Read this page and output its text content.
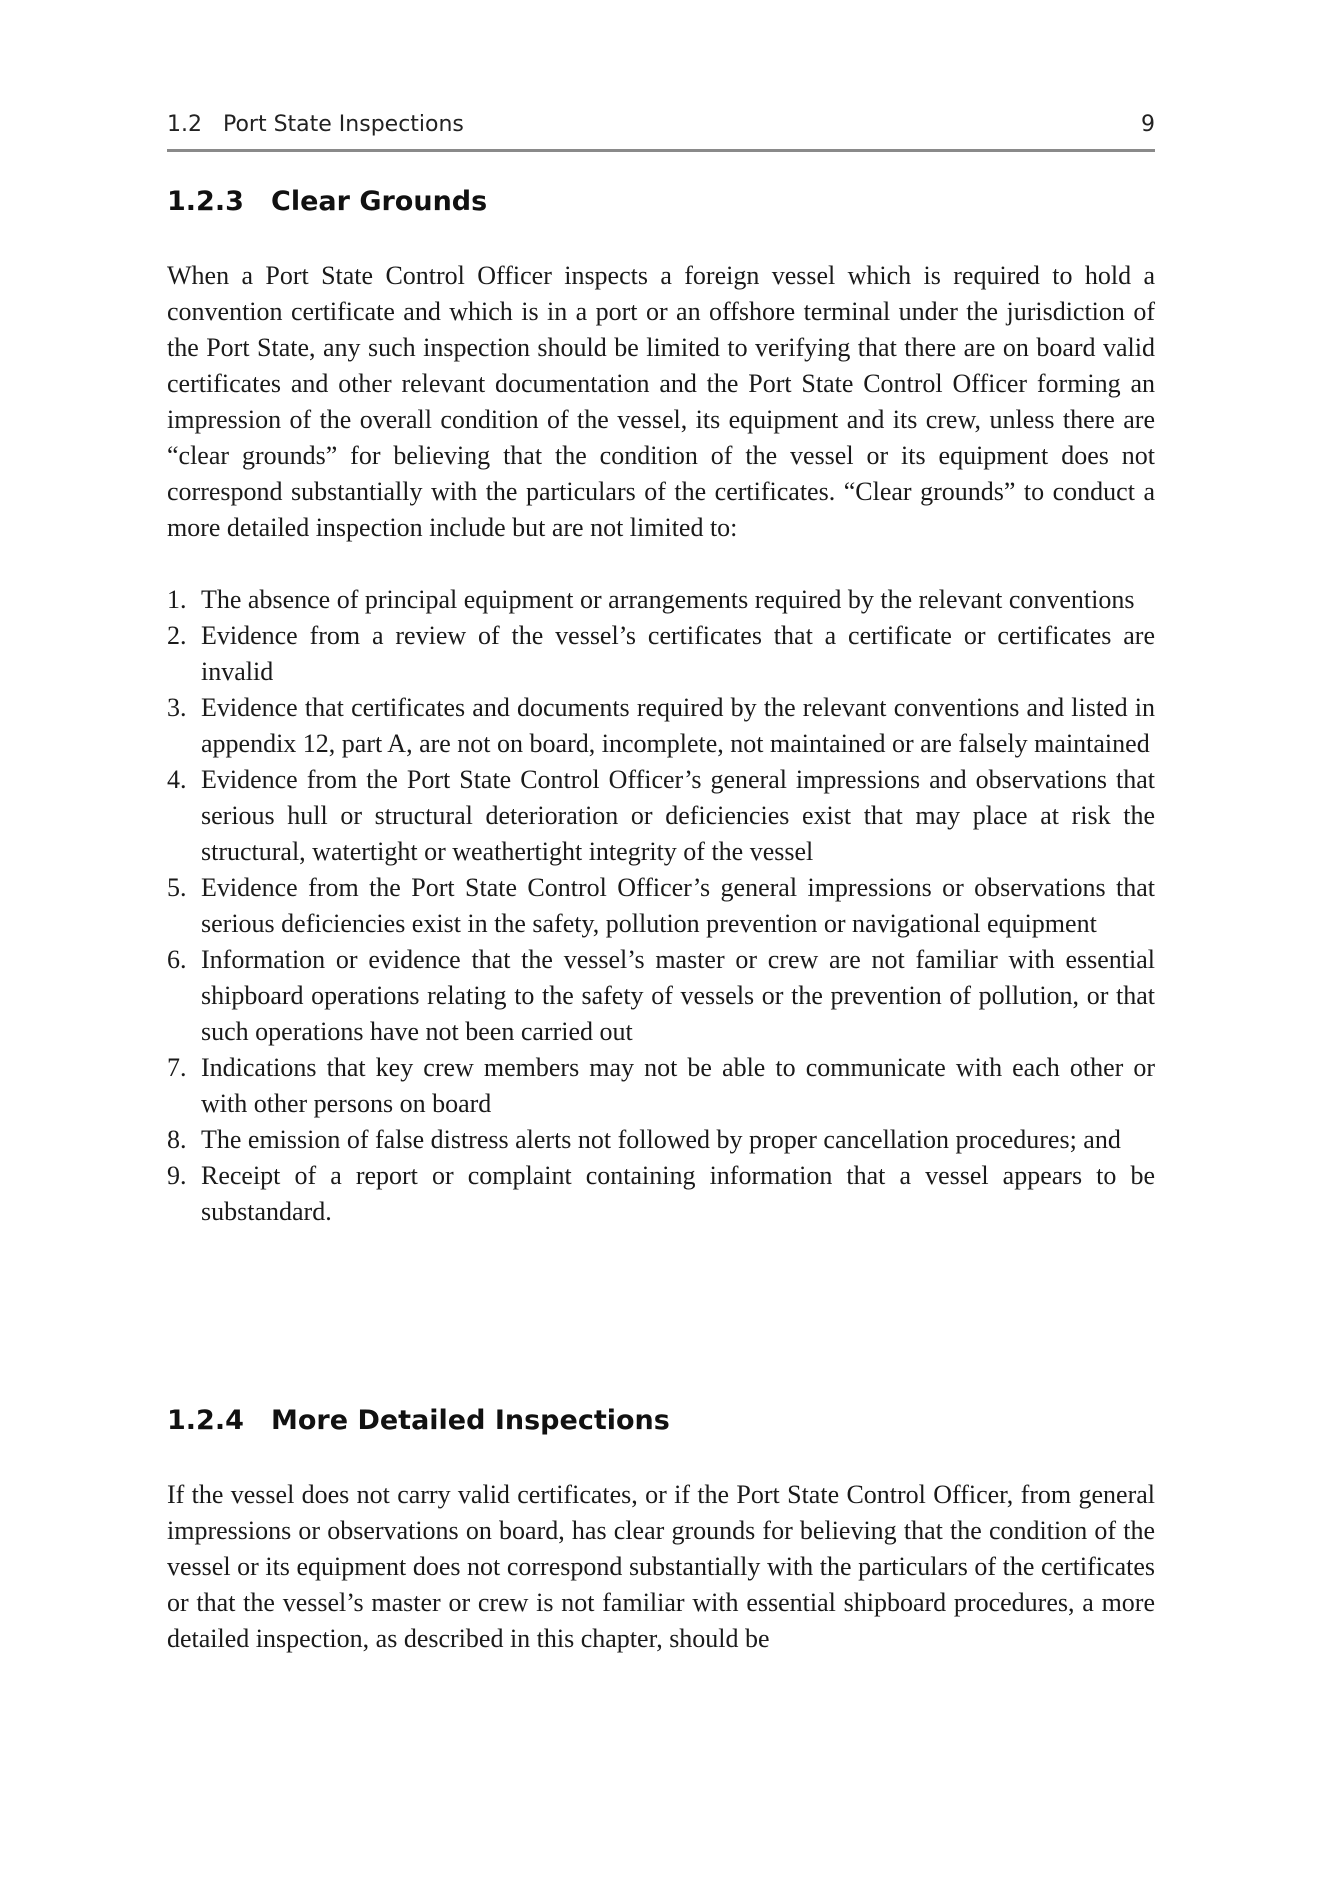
1.2   Port State Inspections	9
1.2.3 Clear Grounds

When a Port State Control Officer inspects a foreign vessel which is required to hold a convention certificate and which is in a port or an offshore terminal under the jurisdiction of the Port State, any such inspection should be limited to verifying that there are on board valid certificates and other relevant documentation and the Port State Control Officer forming an impression of the overall condition of the vessel, its equipment and its crew, unless there are “clear grounds” for believing that the condition of the vessel or its equipment does not correspond substantially with the particulars of the certificates. “Clear grounds” to conduct a more detailed inspection include but are not limited to:

1. The absence of principal equipment or arrangements required by the relevant conventions
2. Evidence from a review of the vessel’s certificates that a certificate or certificates are invalid
3. Evidence that certificates and documents required by the relevant conventions and listed in appendix 12, part A, are not on board, incomplete, not maintained or are falsely maintained
4. Evidence from the Port State Control Officer’s general impressions and observations that serious hull or structural deterioration or deficiencies exist that may place at risk the structural, watertight or weathertight integrity of the vessel
5. Evidence from the Port State Control Officer’s general impressions or observations that serious deficiencies exist in the safety, pollution prevention or navigational equipment
6. Information or evidence that the vessel’s master or crew are not familiar with essential shipboard operations relating to the safety of vessels or the prevention of pollution, or that such operations have not been carried out
7. Indications that key crew members may not be able to communicate with each other or with other persons on board
8. The emission of false distress alerts not followed by proper cancellation procedures; and
9. Receipt of a report or complaint containing information that a vessel appears to be substandard.
1.2.4 More Detailed Inspections

If the vessel does not carry valid certificates, or if the Port State Control Officer, from general impressions or observations on board, has clear grounds for believing that the condition of the vessel or its equipment does not correspond substantially with the particulars of the certificates or that the vessel’s master or crew is not familiar with essential shipboard procedures, a more detailed inspection, as described in this chapter, should be
